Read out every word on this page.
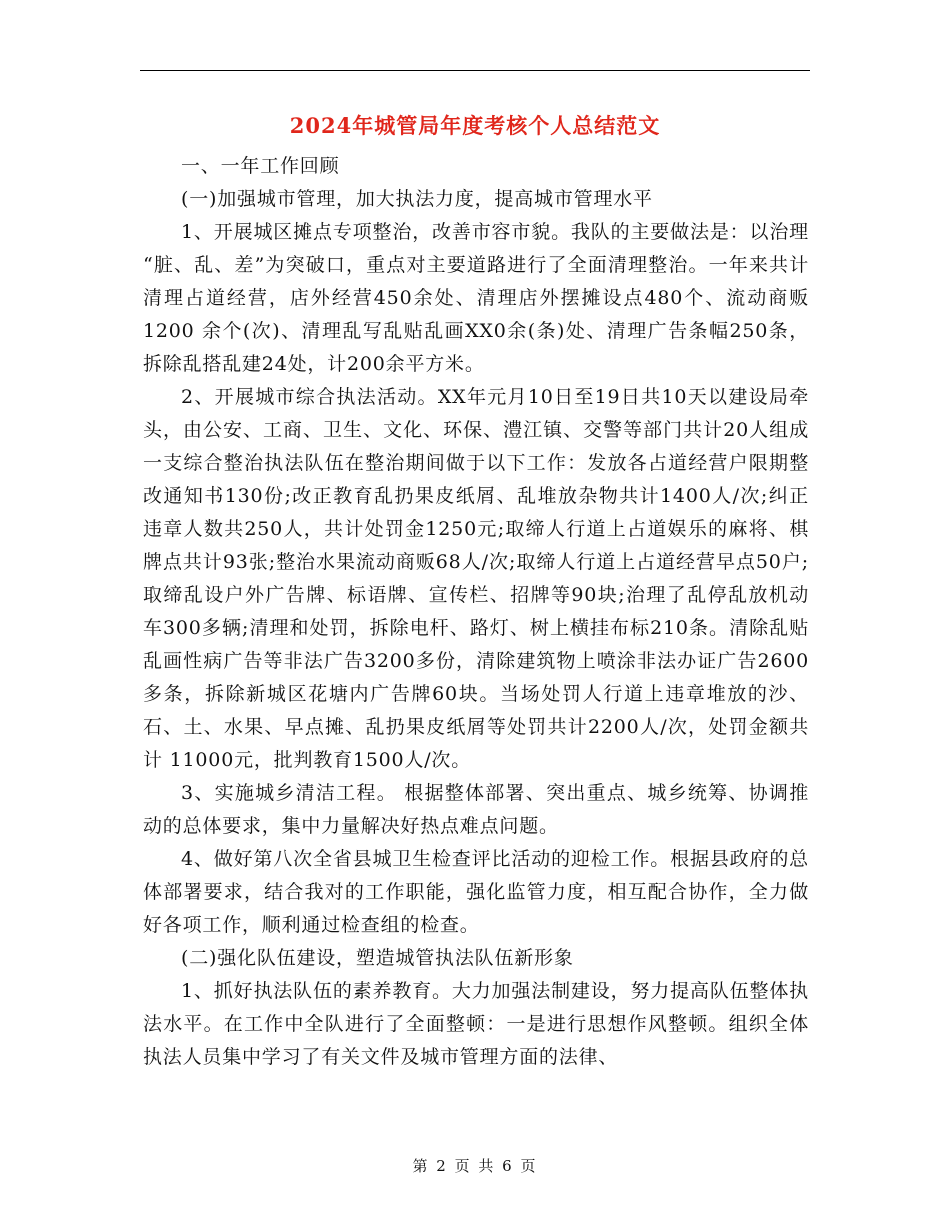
2024年城管局年度考核个人总结范文

一、一年工作回顾

(一)加强城市管理，加大执法力度，提高城市管理水平

1、开展城区摊点专项整治，改善市容市貌。我队的主要做法是：以治理 “脏、乱、差”为突破口，重点对主要道路进行了全面清理整治。一年来共计清理占道经营，店外经营450余处、清理店外摆摊设点480个、流动商贩1200 余个(次)、清理乱写乱贴乱画XX0余(条)处、清理广告条幅250条，拆除乱搭乱建24处，计200余平方米。

2、开展城市综合执法活动。XX年元月10日至19日共10天以建设局牵头，由公安、工商、卫生、文化、环保、澧江镇、交警等部门共计20人组成一支综合整治执法队伍在整治期间做于以下工作：发放各占道经营户限期整改通知书130份;改正教育乱扔果皮纸屑、乱堆放杂物共计1400人/次;纠正违章人数共250人，共计处罚金1250元;取缔人行道上占道娱乐的麻将、棋牌点共计93张;整治水果流动商贩68人/次;取缔人行道上占道经营早点50户;取缔乱设户外广告牌、标语牌、宣传栏、招牌等90块;治理了乱停乱放机动车300多辆;清理和处罚，拆除电杆、路灯、树上横挂布标210条。清除乱贴乱画性病广告等非法广告3200多份，清除建筑物上喷涂非法办证广告2600 多条，拆除新城区花塘内广告牌60块。当场处罚人行道上违章堆放的沙、石、土、水果、早点摊、乱扔果皮纸屑等处罚共计2200人/次，处罚金额共计 11000元，批判教育1500人/次。

3、实施城乡清洁工程。 根据整体部署、突出重点、城乡统筹、协调推动的总体要求，集中力量解决好热点难点问题。

4、做好第八次全省县城卫生检查评比活动的迎检工作。根据县政府的总体部署要求，结合我对的工作职能，强化监管力度，相互配合协作，全力做好各项工作，顺利通过检查组的检查。

(二)强化队伍建设，塑造城管执法队伍新形象

1、抓好执法队伍的素养教育。大力加强法制建设，努力提高队伍整体执法水平。在工作中全队进行了全面整顿：一是进行思想作风整顿。组织全体执法人员集中学习了有关文件及城市管理方面的法律、

第 2 页 共 6 页
